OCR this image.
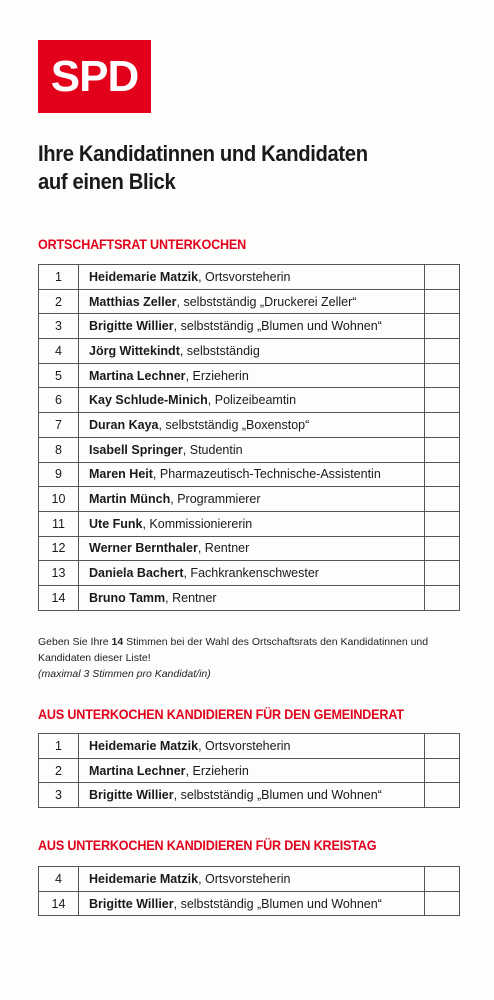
SPD
Ihre Kandidatinnen und Kandidaten
auf einen Blick
ORTSCHAFTSRAT UNTERKOCHEN
1	Heidemarie Matzik, Ortsvorsteherin	
2	Matthias Zeller, selbstständig „Druckerei Zeller“	
3	Brigitte Willier, selbstständig „Blumen und Wohnen“	
4	Jörg Wittekindt, selbstständig	
5	Martina Lechner, Erzieherin	
6	Kay Schlude-Minich, Polizeibeamtin	
7	Duran Kaya, selbstständig „Boxenstop“	
8	Isabell Springer, Studentin	
9	Maren Heit, Pharmazeutisch-Technische-Assistentin	
10	Martin Münch, Programmierer	
11	Ute Funk, Kommissioniererin	
12	Werner Bernthaler, Rentner	
13	Daniela Bachert, Fachkrankenschwester	
14	Bruno Tamm, Rentner	
Geben Sie Ihre 14 Stimmen bei der Wahl des Ortschaftsrats den Kandidatinnen und Kandidaten dieser Liste!
(maximal 3 Stimmen pro Kandidat/in)
AUS UNTERKOCHEN KANDIDIEREN FÜR DEN GEMEINDERAT
1	Heidemarie Matzik, Ortsvorsteherin	
2	Martina Lechner, Erzieherin	
3	Brigitte Willier, selbstständig „Blumen und Wohnen“	
AUS UNTERKOCHEN KANDIDIEREN FÜR DEN KREISTAG
4	Heidemarie Matzik, Ortsvorsteherin	
14	Brigitte Willier, selbstständig „Blumen und Wohnen“	
